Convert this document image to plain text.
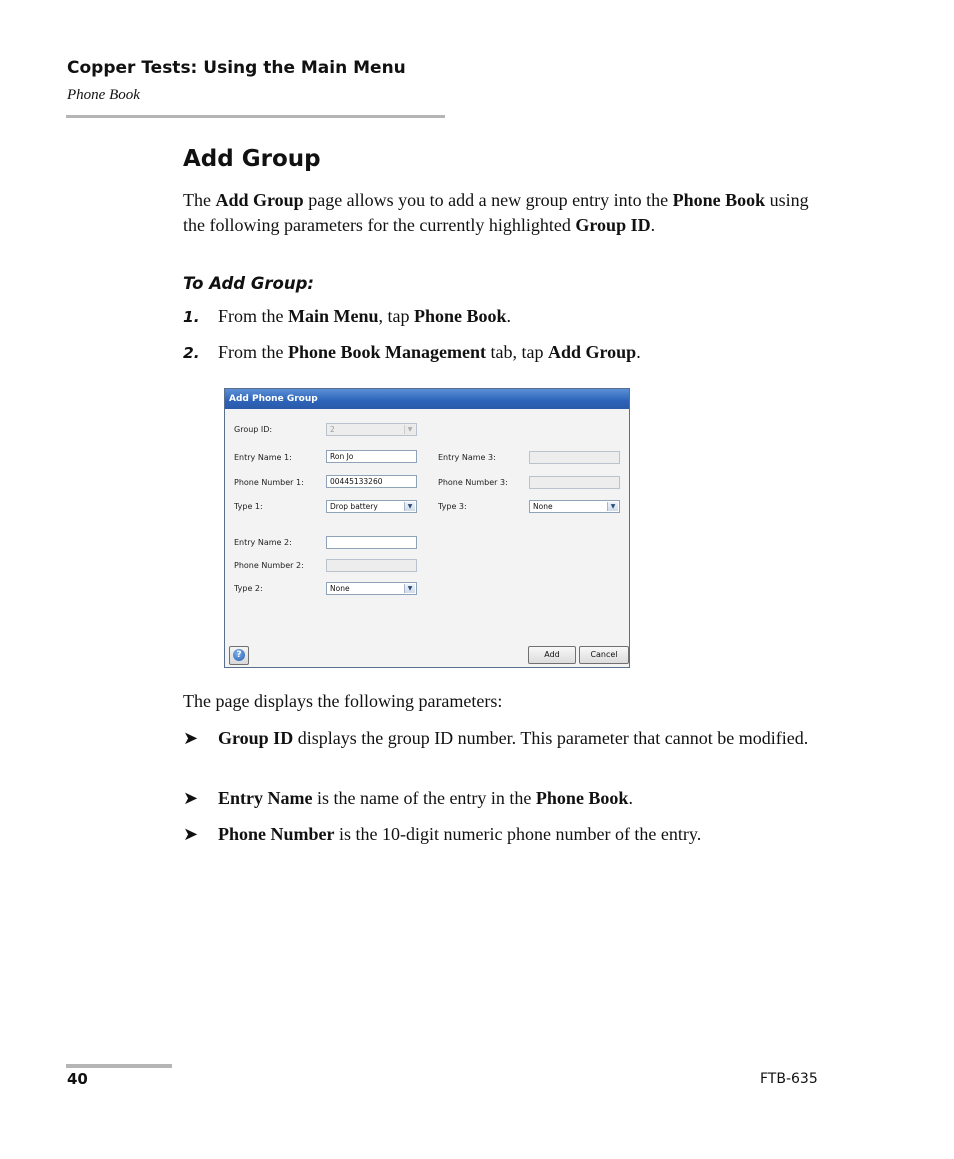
Copper Tests: Using the Main Menu
Phone Book
Add Group
The Add Group page allows you to add a new group entry into the Phone Book using the following parameters for the currently highlighted Group ID.
To Add Group:
1.	From the Main Menu, tap Phone Book.
2.	From the Phone Book Management tab, tap Add Group.
Add Phone Group
Group ID:	2	▼
Entry Name 1:	Ron Jo
Phone Number 1:	00445133260
Type 1:	Drop battery	▼
Entry Name 2:
Phone Number 2:
Type 2:	None	▼
Entry Name 3:
Phone Number 3:
Type 3:	None	▼
?	Add	Cancel
The page displays the following parameters:
➤ Group ID displays the group ID number. This parameter that cannot be modified.
➤ Entry Name is the name of the entry in the Phone Book.
➤ Phone Number is the 10-digit numeric phone number of the entry.
40	FTB-635
